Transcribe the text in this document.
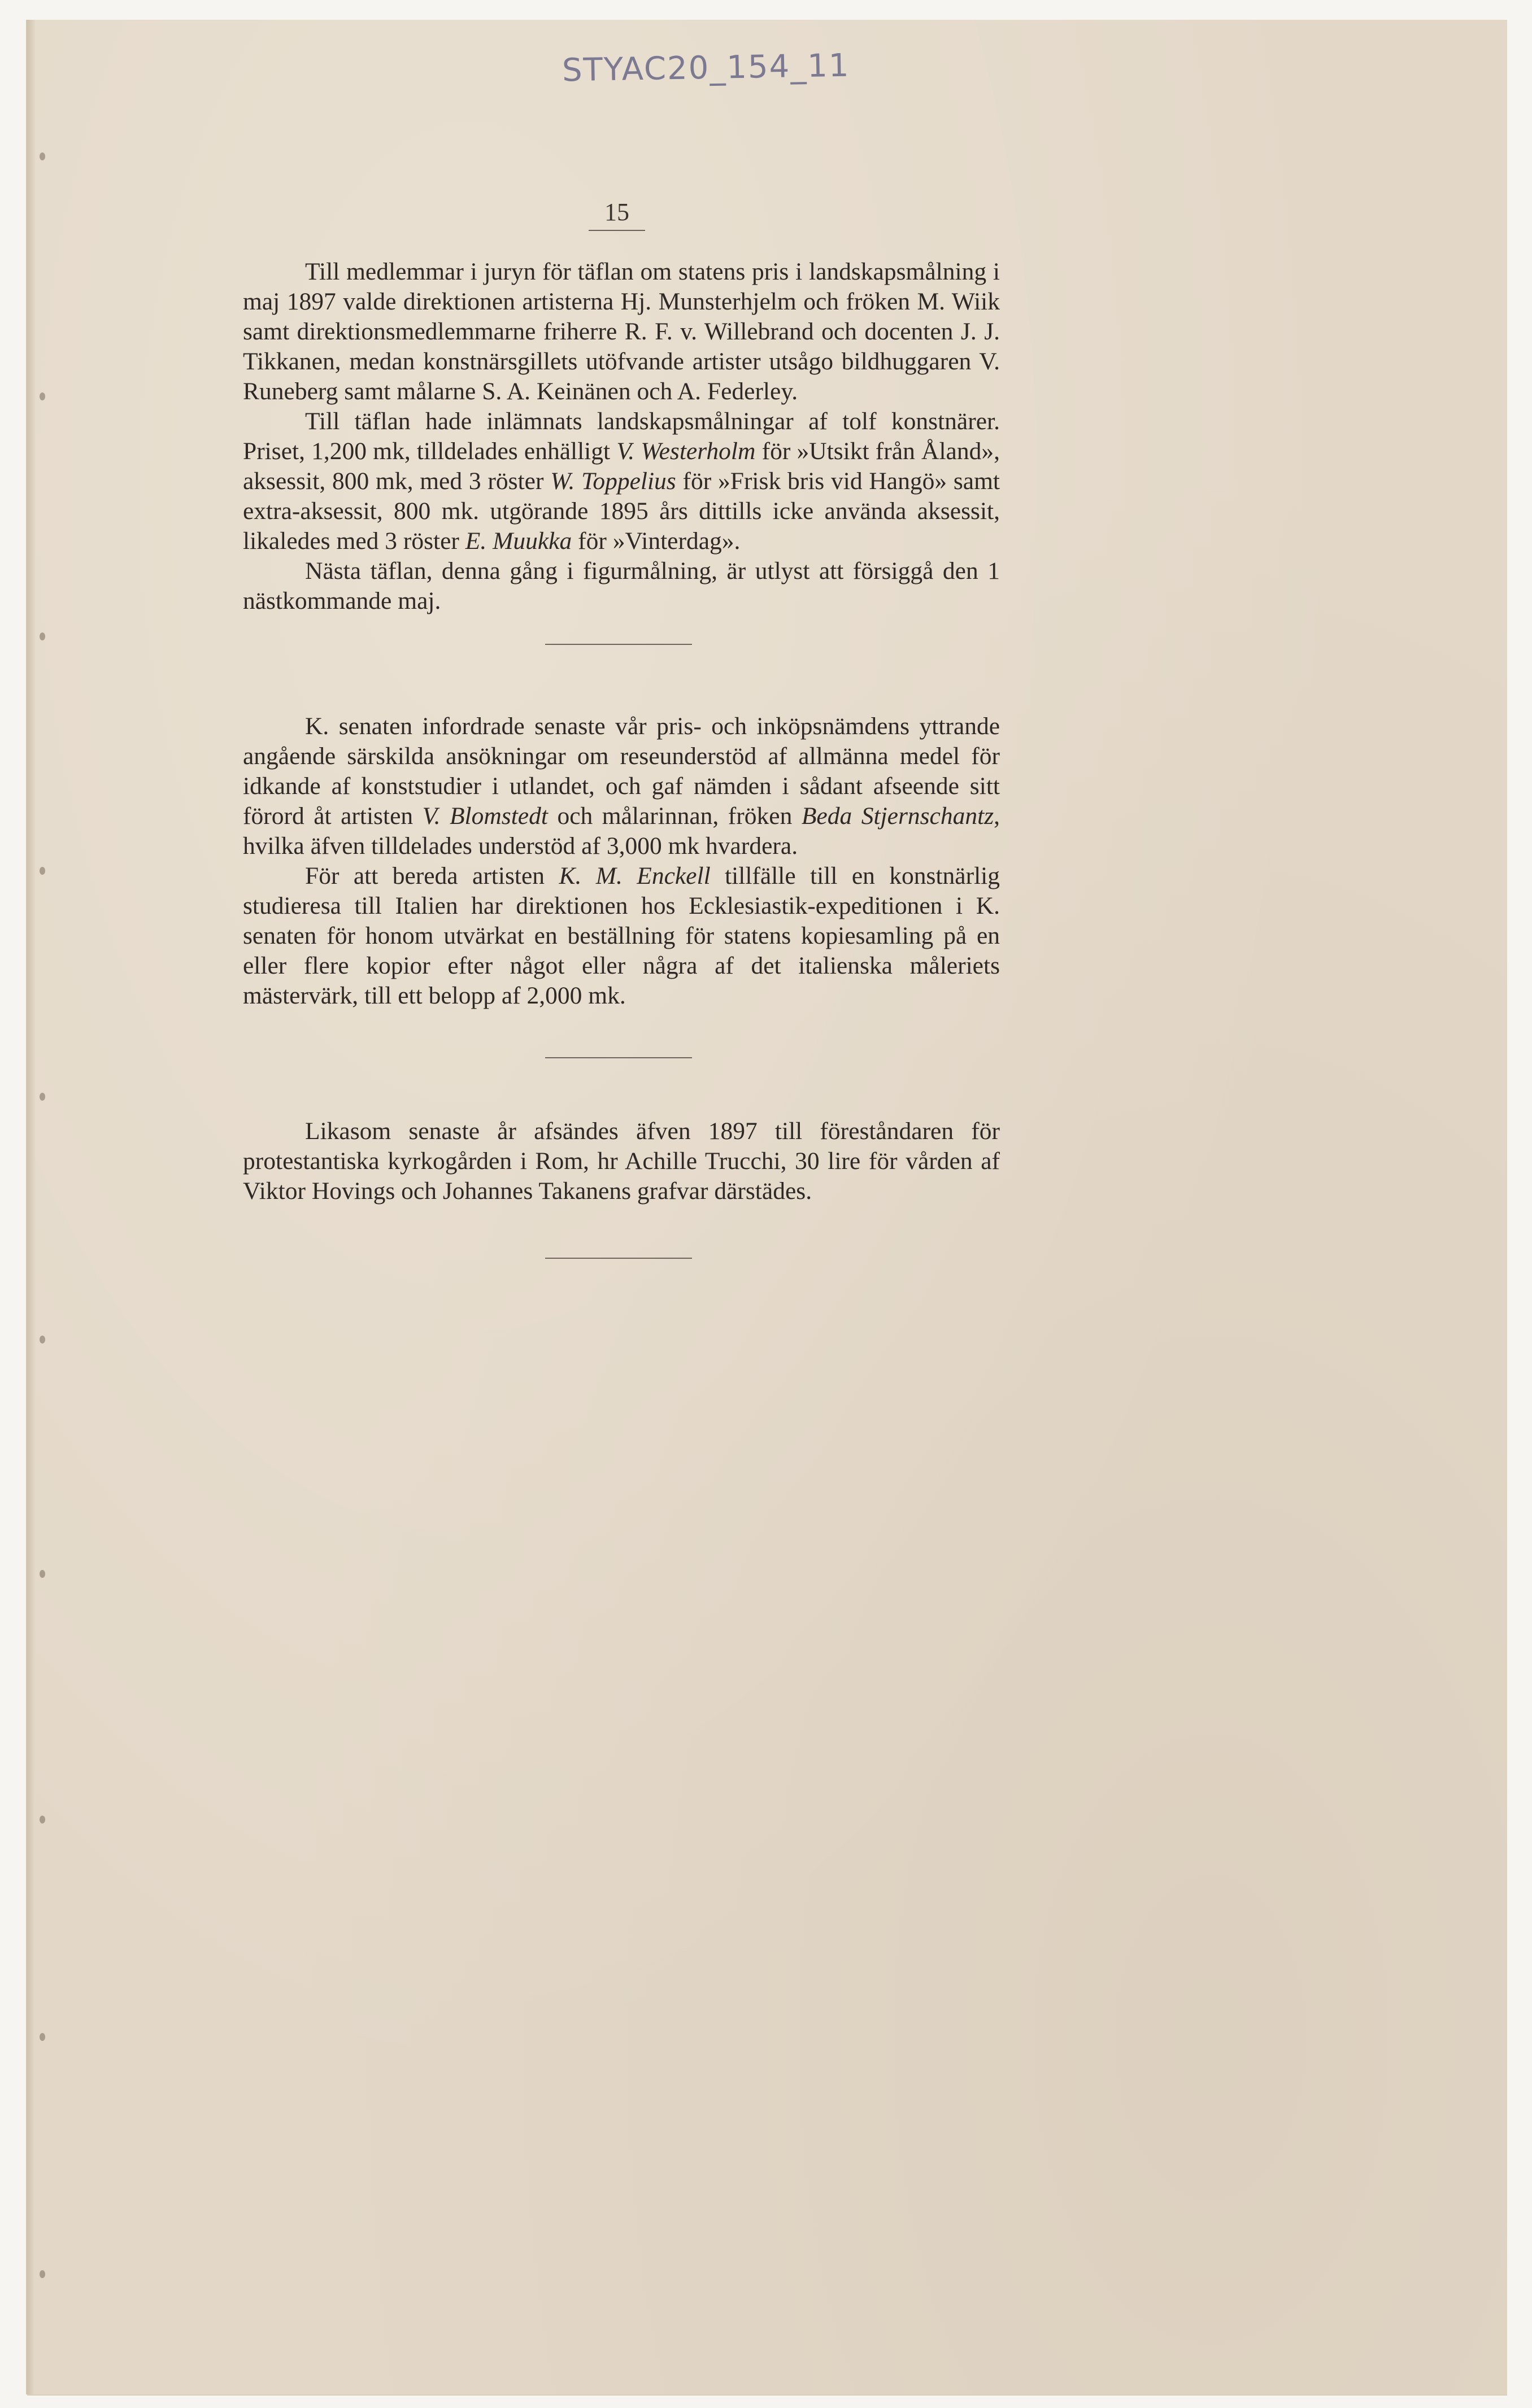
STYAC20_154_11
15

Till medlemmar i juryn för täflan om statens pris i landskapsmålning i maj 1897 valde direktionen artisterna Hj. Munsterhjelm och fröken M. Wiik samt direktionsmedlemmarne friherre R. F. v. Willebrand och docenten J. J. Tikkanen, medan konstnärsgillets utöfvande artister utsågo bildhuggaren V. Runeberg samt målarne S. A. Keinänen och A. Federley.

Till täflan hade inlämnats landskapsmålningar af tolf konstnärer. Priset, 1,200 mk, tilldelades enhälligt V. Westerholm för »Utsikt från Åland», aksessit, 800 mk, med 3 röster W. Toppelius för »Frisk bris vid Hangö» samt extra-aksessit, 800 mk. utgörande 1895 års dittills icke använda aksessit, likaledes med 3 röster E. Muukka för »Vinterdag».

Nästa täflan, denna gång i figurmålning, är utlyst att försiggå den 1 nästkommande maj.

K. senaten infordrade senaste vår pris- och inköpsnämdens yttrande angående särskilda ansökningar om reseunderstöd af allmänna medel för idkande af konststudier i utlandet, och gaf nämden i sådant afseende sitt förord åt artisten V. Blomstedt och målarinnan, fröken Beda Stjernschantz, hvilka äfven tilldelades understöd af 3,000 mk hvardera.

För att bereda artisten K. M. Enckell tillfälle till en konstnärlig studieresa till Italien har direktionen hos Ecklesiastik-expeditionen i K. senaten för honom utvärkat en beställning för statens kopiesamling på en eller flere kopior efter något eller några af det italienska måleriets mästervärk, till ett belopp af 2,000 mk.

Likasom senaste år afsändes äfven 1897 till föreståndaren för protestantiska kyrkogården i Rom, hr Achille Trucchi, 30 lire för vården af Viktor Hovings och Johannes Takanens grafvar därstädes.
